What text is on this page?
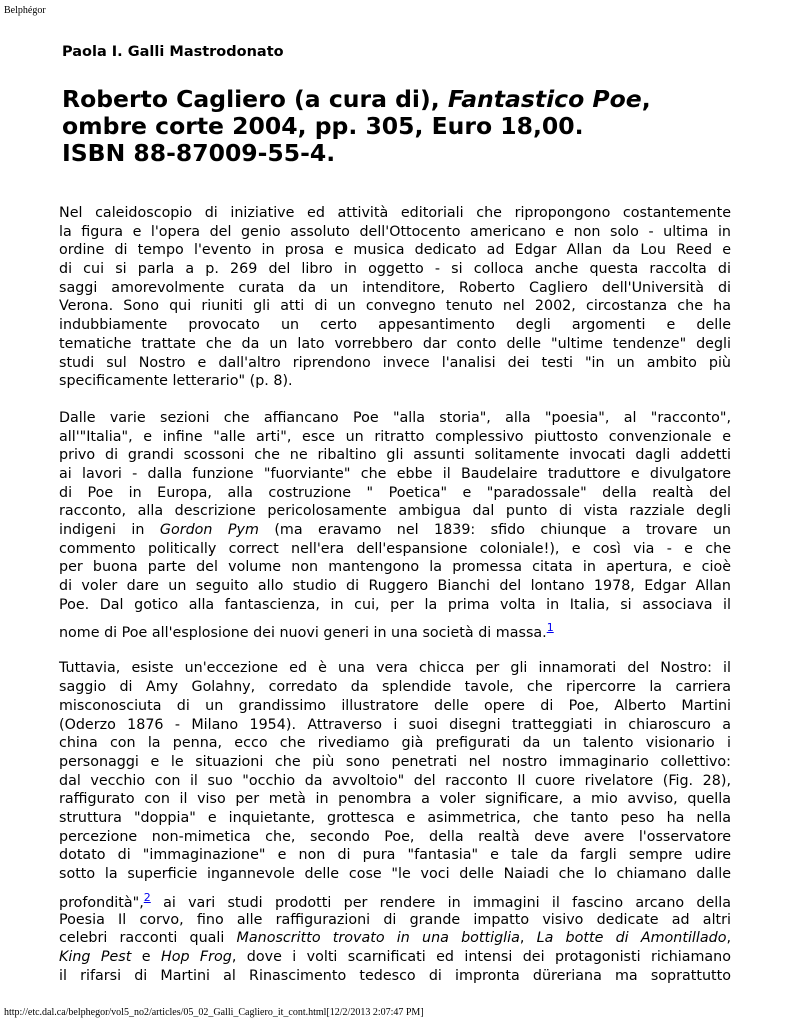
Belphégor
Paola I. Galli Mastrodonato
Roberto Cagliero (a cura di), Fantastico Poe,
ombre corte 2004, pp. 305, Euro 18,00.
ISBN 88-87009-55-4.

Nel caleidoscopio di iniziative ed attività editoriali che ripropongono costantemente
la figura e l'opera del genio assoluto dell'Ottocento americano e non solo - ultima in
ordine di tempo l'evento in prosa e musica dedicato ad Edgar Allan da Lou Reed e
di cui si parla a p. 269 del libro in oggetto - si colloca anche questa raccolta di
saggi amorevolmente curata da un intenditore, Roberto Cagliero dell'Università di
Verona. Sono qui riuniti gli atti di un convegno tenuto nel 2002, circostanza che ha
indubbiamente provocato un certo appesantimento degli argomenti e delle
tematiche trattate che da un lato vorrebbero dar conto delle "ultime tendenze" degli
studi sul Nostro e dall'altro riprendono invece l'analisi dei testi "in un ambito più
specificamente letterario" (p. 8).

Dalle varie sezioni che affiancano Poe "alla storia", alla "poesia", al "racconto",
all'"Italia", e infine "alle arti", esce un ritratto complessivo piuttosto convenzionale e
privo di grandi scossoni che ne ribaltino gli assunti solitamente invocati dagli addetti
ai lavori - dalla funzione "fuorviante" che ebbe il Baudelaire traduttore e divulgatore
di Poe in Europa, alla costruzione " Poetica" e "paradossale" della realtà del
racconto, alla descrizione pericolosamente ambigua dal punto di vista razziale degli
indigeni in Gordon Pym (ma eravamo nel 1839: sfido chiunque a trovare un
commento politically correct nell'era dell'espansione coloniale!), e così via - e che
per buona parte del volume non mantengono la promessa citata in apertura, e cioè
di voler dare un seguito allo studio di Ruggero Bianchi del lontano 1978, Edgar Allan
Poe. Dal gotico alla fantascienza, in cui, per la prima volta in Italia, si associava il
nome di Poe all'esplosione dei nuovi generi in una società di massa.$^1$

Tuttavia, esiste un'eccezione ed è una vera chicca per gli innamorati del Nostro: il
saggio di Amy Golahny, corredato da splendide tavole, che ripercorre la carriera
misconosciuta di un grandissimo illustratore delle opere di Poe, Alberto Martini
(Oderzo 1876 - Milano 1954). Attraverso i suoi disegni tratteggiati in chiaroscuro a
china con la penna, ecco che rivediamo già prefigurati da un talento visionario i
personaggi e le situazioni che più sono penetrati nel nostro immaginario collettivo:
dal vecchio con il suo "occhio da avvoltoio" del racconto Il cuore rivelatore (Fig. 28),
raffigurato con il viso per metà in penombra a voler significare, a mio avviso, quella
struttura "doppia" e inquietante, grottesca e asimmetrica, che tanto peso ha nella
percezione non-mimetica che, secondo Poe, della realtà deve avere l'osservatore
dotato di "immaginazione" e non di pura "fantasia" e tale da fargli sempre udire
sotto la superficie ingannevole delle cose "le voci delle Naiadi che lo chiamano dalle
profondità",$^2$ ai vari studi prodotti per rendere in immagini il fascino arcano della
Poesia Il corvo, fino alle raffigurazioni di grande impatto visivo dedicate ad altri
celebri racconti quali Manoscritto trovato in una bottiglia, La botte di Amontillado,
King Pest e Hop Frog, dove i volti scarnificati ed intensi dei protagonisti richiamano
il rifarsi di Martini al Rinascimento tedesco di impronta düreriana ma soprattutto

http://etc.dal.ca/belphegor/vol5_no2/articles/05_02_Galli_Cagliero_it_cont.html[12/2/2013 2:07:47 PM]
